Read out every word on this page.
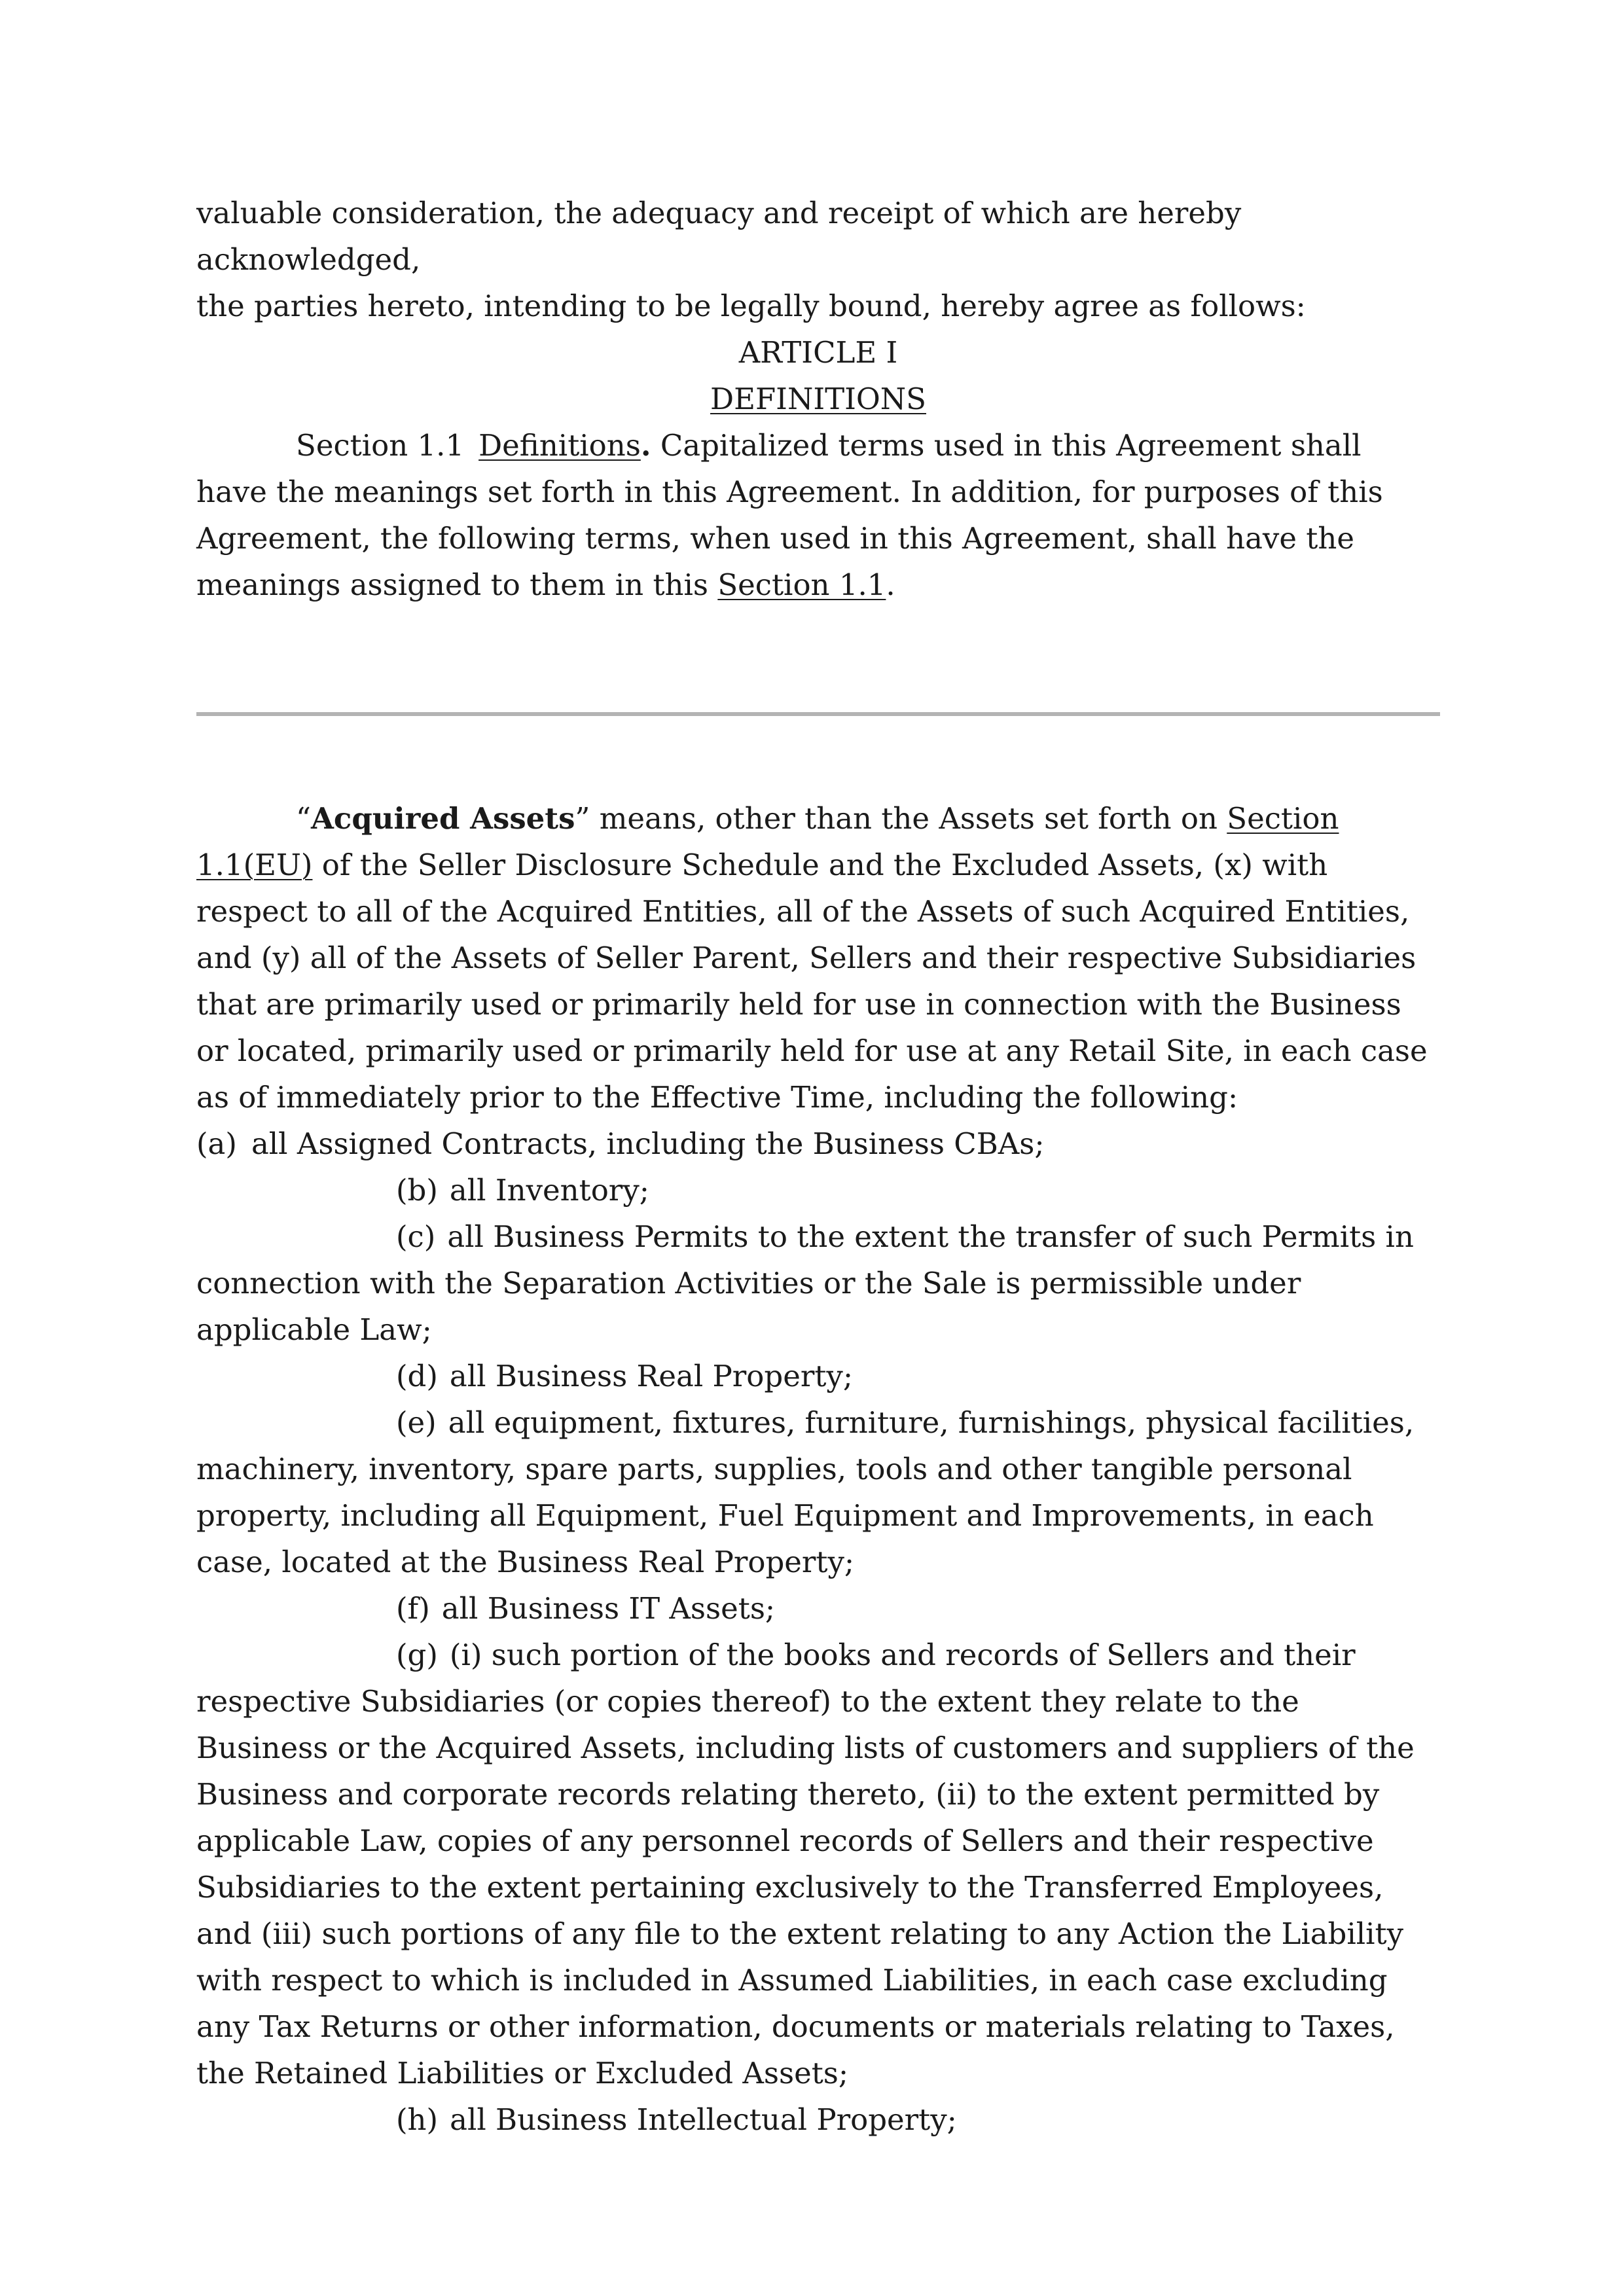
valuable consideration, the adequacy and receipt of which are hereby acknowledged,

the parties hereto, intending to be legally bound, hereby agree as follows:

ARTICLE I

DEFINITIONS

Section 1.1 Definitions. Capitalized terms used in this Agreement shall have the meanings set forth in this Agreement. In addition, for purposes of this Agreement, the following terms, when used in this Agreement, shall have the meanings assigned to them in this Section 1.1.

“Acquired Assets” means, other than the Assets set forth on Section 1.1(EU) of the Seller Disclosure Schedule and the Excluded Assets, (x) with respect to all of the Acquired Entities, all of the Assets of such Acquired Entities, and (y) all of the Assets of Seller Parent, Sellers and their respective Subsidiaries that are primarily used or primarily held for use in connection with the Business or located, primarily used or primarily held for use at any Retail Site, in each case as of immediately prior to the Effective Time, including the following:

(a) all Assigned Contracts, including the Business CBAs;

(b) all Inventory;

(c) all Business Permits to the extent the transfer of such Permits in connection with the Separation Activities or the Sale is permissible under applicable Law;

(d) all Business Real Property;

(e) all equipment, fixtures, furniture, furnishings, physical facilities, machinery, inventory, spare parts, supplies, tools and other tangible personal property, including all Equipment, Fuel Equipment and Improvements, in each case, located at the Business Real Property;

(f) all Business IT Assets;

(g) (i) such portion of the books and records of Sellers and their respective Subsidiaries (or copies thereof) to the extent they relate to the Business or the Acquired Assets, including lists of customers and suppliers of the Business and corporate records relating thereto, (ii) to the extent permitted by applicable Law, copies of any personnel records of Sellers and their respective Subsidiaries to the extent pertaining exclusively to the Transferred Employees, and (iii) such portions of any file to the extent relating to any Action the Liability with respect to which is included in Assumed Liabilities, in each case excluding any Tax Returns or other information, documents or materials relating to Taxes, the Retained Liabilities or Excluded Assets;

(h) all Business Intellectual Property;
